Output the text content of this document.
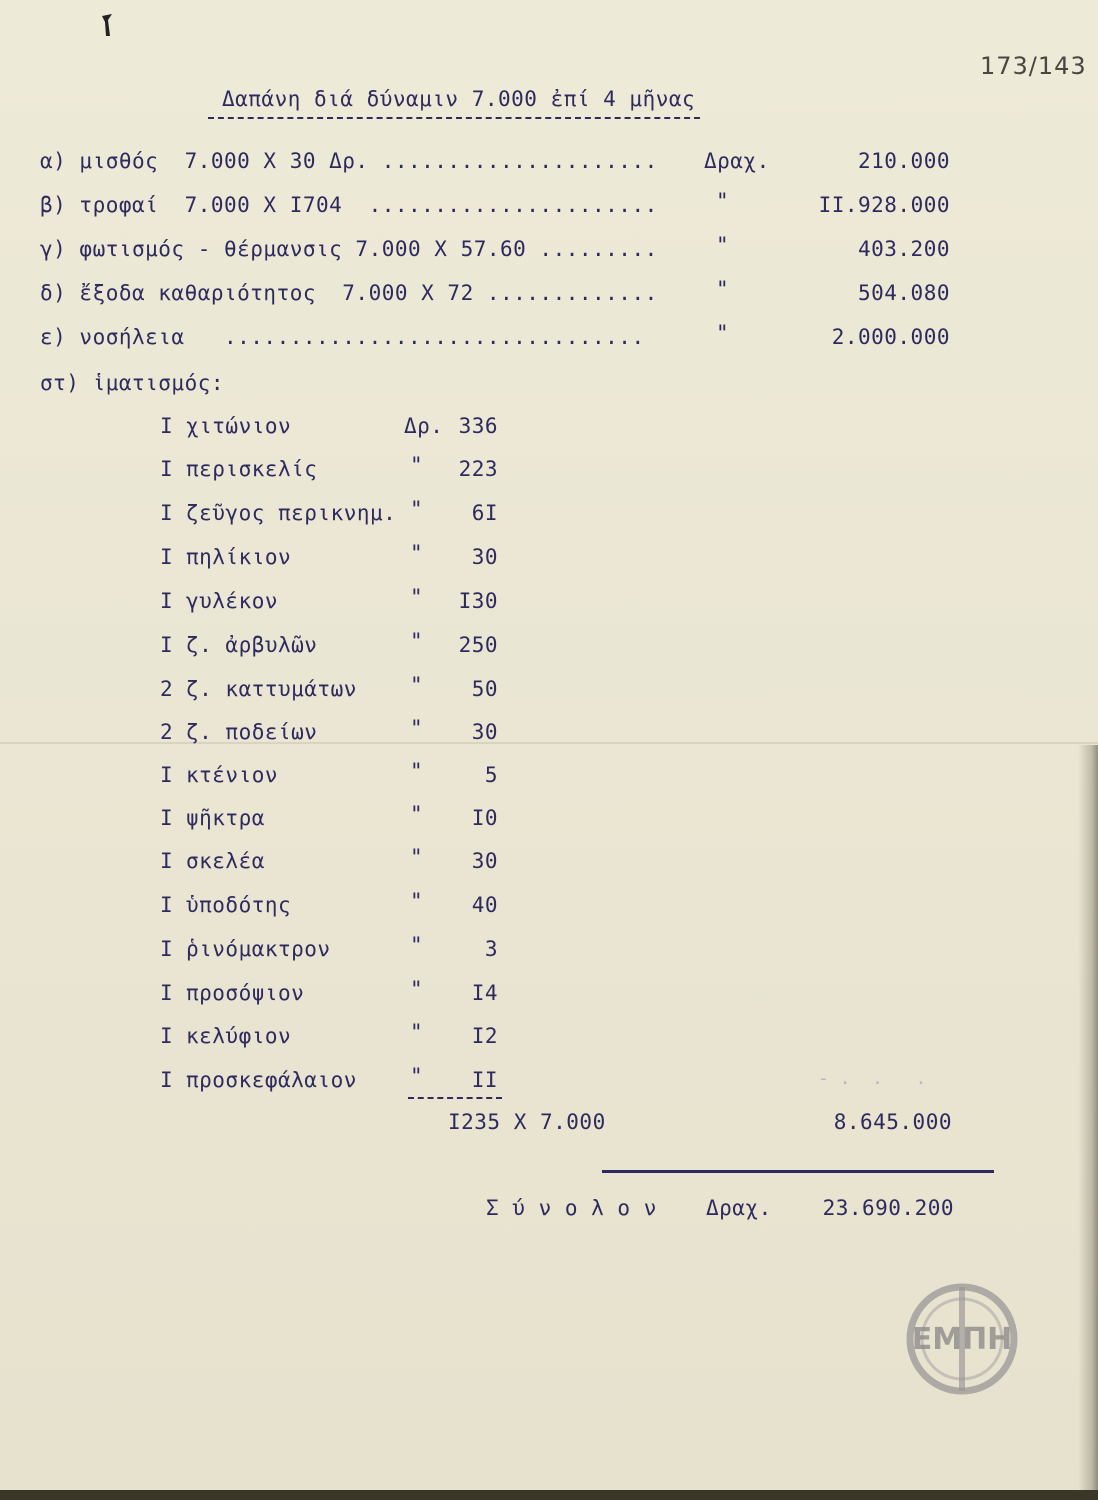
173/143
Δαπάνη διά δύναμιν 7.000 ἐπί 4 μῆνας
α) μισθός  7.000 Χ 30 Δρ. ..................... Δραχ.	210.000
β) τροφαί  7.000 Χ Ι704  ......................	"	ΙΙ.928.000
γ) φωτισμός - θέρμανσις 7.000 Χ 57.60 .........	"	403.200
δ) ἔξοδα καθαριότητος  7.000 Χ 72 .............	"	504.080
ε) νοσήλεια   ................................	"	2.000.000
στ) ἱματισμός:
Ι χιτώνιον	Δρ. 336
Ι περισκελίς	"	223
Ι ζεῦγος περικνημ. "	6Ι
Ι πηλίκιον	"	30
Ι γυλέκον	"	Ι30
Ι ζ. ἀρβυλῶν	"	250
2 ζ. καττυμάτων	"	50
2 ζ. ποδείων	"	30
Ι κτένιον	"	5
Ι ψῆκτρα	"	Ι0
Ι σκελέα	"	30
Ι ὑποδότης	"	40
Ι ῥινόμακτρον	"	3
Ι προσόψιον	"	Ι4
Ι κελύφιον	"	Ι2
Ι προσκεφάλαιον	"	ΙΙ	- .  .   .
Ι235 Χ 7.000	8.645.000
Σ ύ ν ο λ ο ν Δραχ.	23.690.200
ΕΜΠΗ
